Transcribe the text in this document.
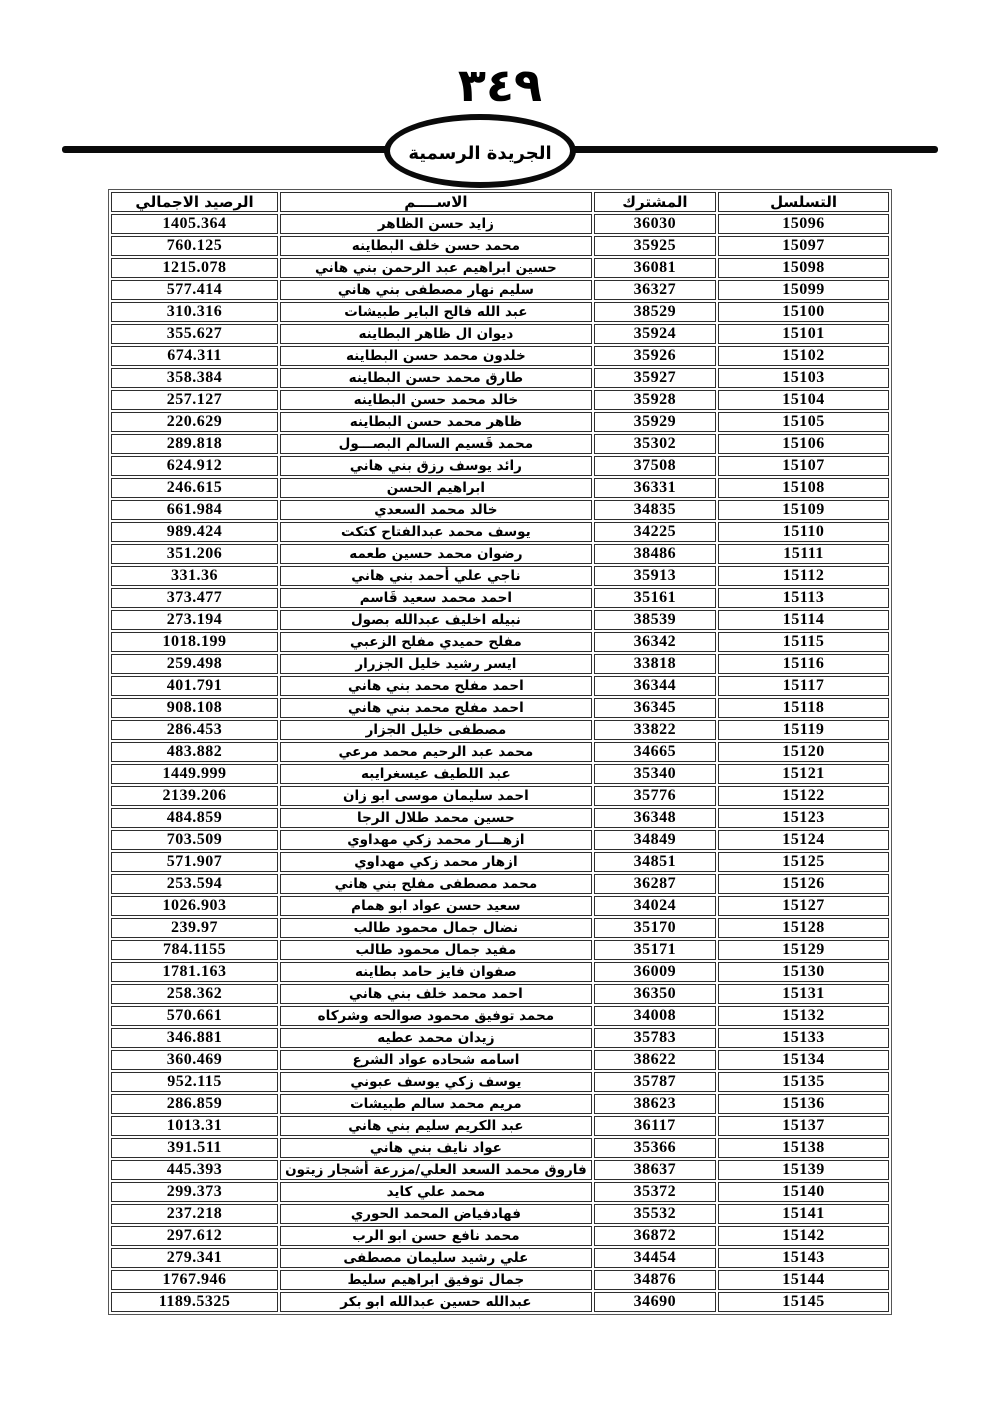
٣٤٩
الجريدة الرسمية
التسلسل	المشترك	الاســــم	الرصيد الاجمالي
15096	36030	زايد حسن الظاهر	1405.364
15097	35925	محمد حسن خلف البطاينه	760.125
15098	36081	حسين ابراهيم عبد الرحمن بني هاني	1215.078
15099	36327	سليم نهار مصطفى بني هاني	577.414
15100	38529	عبد الله فالح الباير طبيشات	310.316
15101	35924	ديوان ال ظاهر البطاينه	355.627
15102	35926	خلدون محمد حسن البطاينه	674.311
15103	35927	طارق محمد حسن البطاينه	358.384
15104	35928	خالد محمد حسن البطاينه	257.127
15105	35929	ظاهر محمد حسن البطاينه	220.629
15106	35302	محمد قَسيم السالم البصـــول	289.818
15107	37508	رائد يوسف رزق بني هاني	624.912
15108	36331	ابراهيم الحسن	246.615
15109	34835	خالد محمد السعدي	661.984
15110	34225	يوسف محمد عبدالفتاح كتكت	989.424
15111	38486	رضوان محمد حسين طعمه	351.206
15112	35913	ناجي علي أحمد بني هاني	331.36
15113	35161	احمد محمد سعيد قَاسم	373.477
15114	38539	نبيله اخليف عبدالله بصول	273.194
15115	36342	مفلح حميدي مفلح الزعبي	1018.199
15116	33818	ايسر رشيد خليل الجزرار	259.498
15117	36344	احمد مفلح محمد بني هاني	401.791
15118	36345	احمد مفلح محمد بني هاني	908.108
15119	33822	مصطفى خليل الجزار	286.453
15120	34665	محمد عبد الرحيم محمد مرعي	483.882
15121	35340	عبد اللطيف عيسغرايبه	1449.999
15122	35776	احمد سليمان موسى ابو زان	2139.206
15123	36348	حسين محمد طلال الرجا	484.859
15124	34849	ازهـــار محمد زكي مهداوي	703.509
15125	34851	ازهار محمد زكي مهداوي	571.907
15126	36287	محمد مصطفى مفلح بني هاني	253.594
15127	34024	سعيد حسن عواد ابو همام	1026.903
15128	35170	نضال جمال محمود طالب	239.97
15129	35171	مفيد جمال محمود طالب	784.1155
15130	36009	صفوان فايز حامد بطاينه	1781.163
15131	36350	احمد محمد خلف بني هاني	258.362
15132	34008	محمد توفيق محمود صوالحه وشركاه	570.661
15133	35783	زيدان محمد عطيه	346.881
15134	38622	اسامه شحاده عواد الشرع	360.469
15135	35787	يوسف زكي يوسف عبوني	952.115
15136	38623	مريم محمد سالم طبيشات	286.859
15137	36117	عبد الكريم سليم بني هاني	1013.31
15138	35366	عواد نايف بني هاني	391.511
15139	38637	فاروق محمد السعد العلي/مزرعة أشجار زيتون	445.393
15140	35372	محمد علي كايد	299.373
15141	35532	فهادفياض المحمد الحوري	237.218
15142	36872	محمد نافع حسن ابو الرب	297.612
15143	34454	علي رشيد سليمان مصطفى	279.341
15144	34876	جمال توفيق ابراهيم سليط	1767.946
15145	34690	عبدالله حسين عبدالله ابو بكر	1189.5325
